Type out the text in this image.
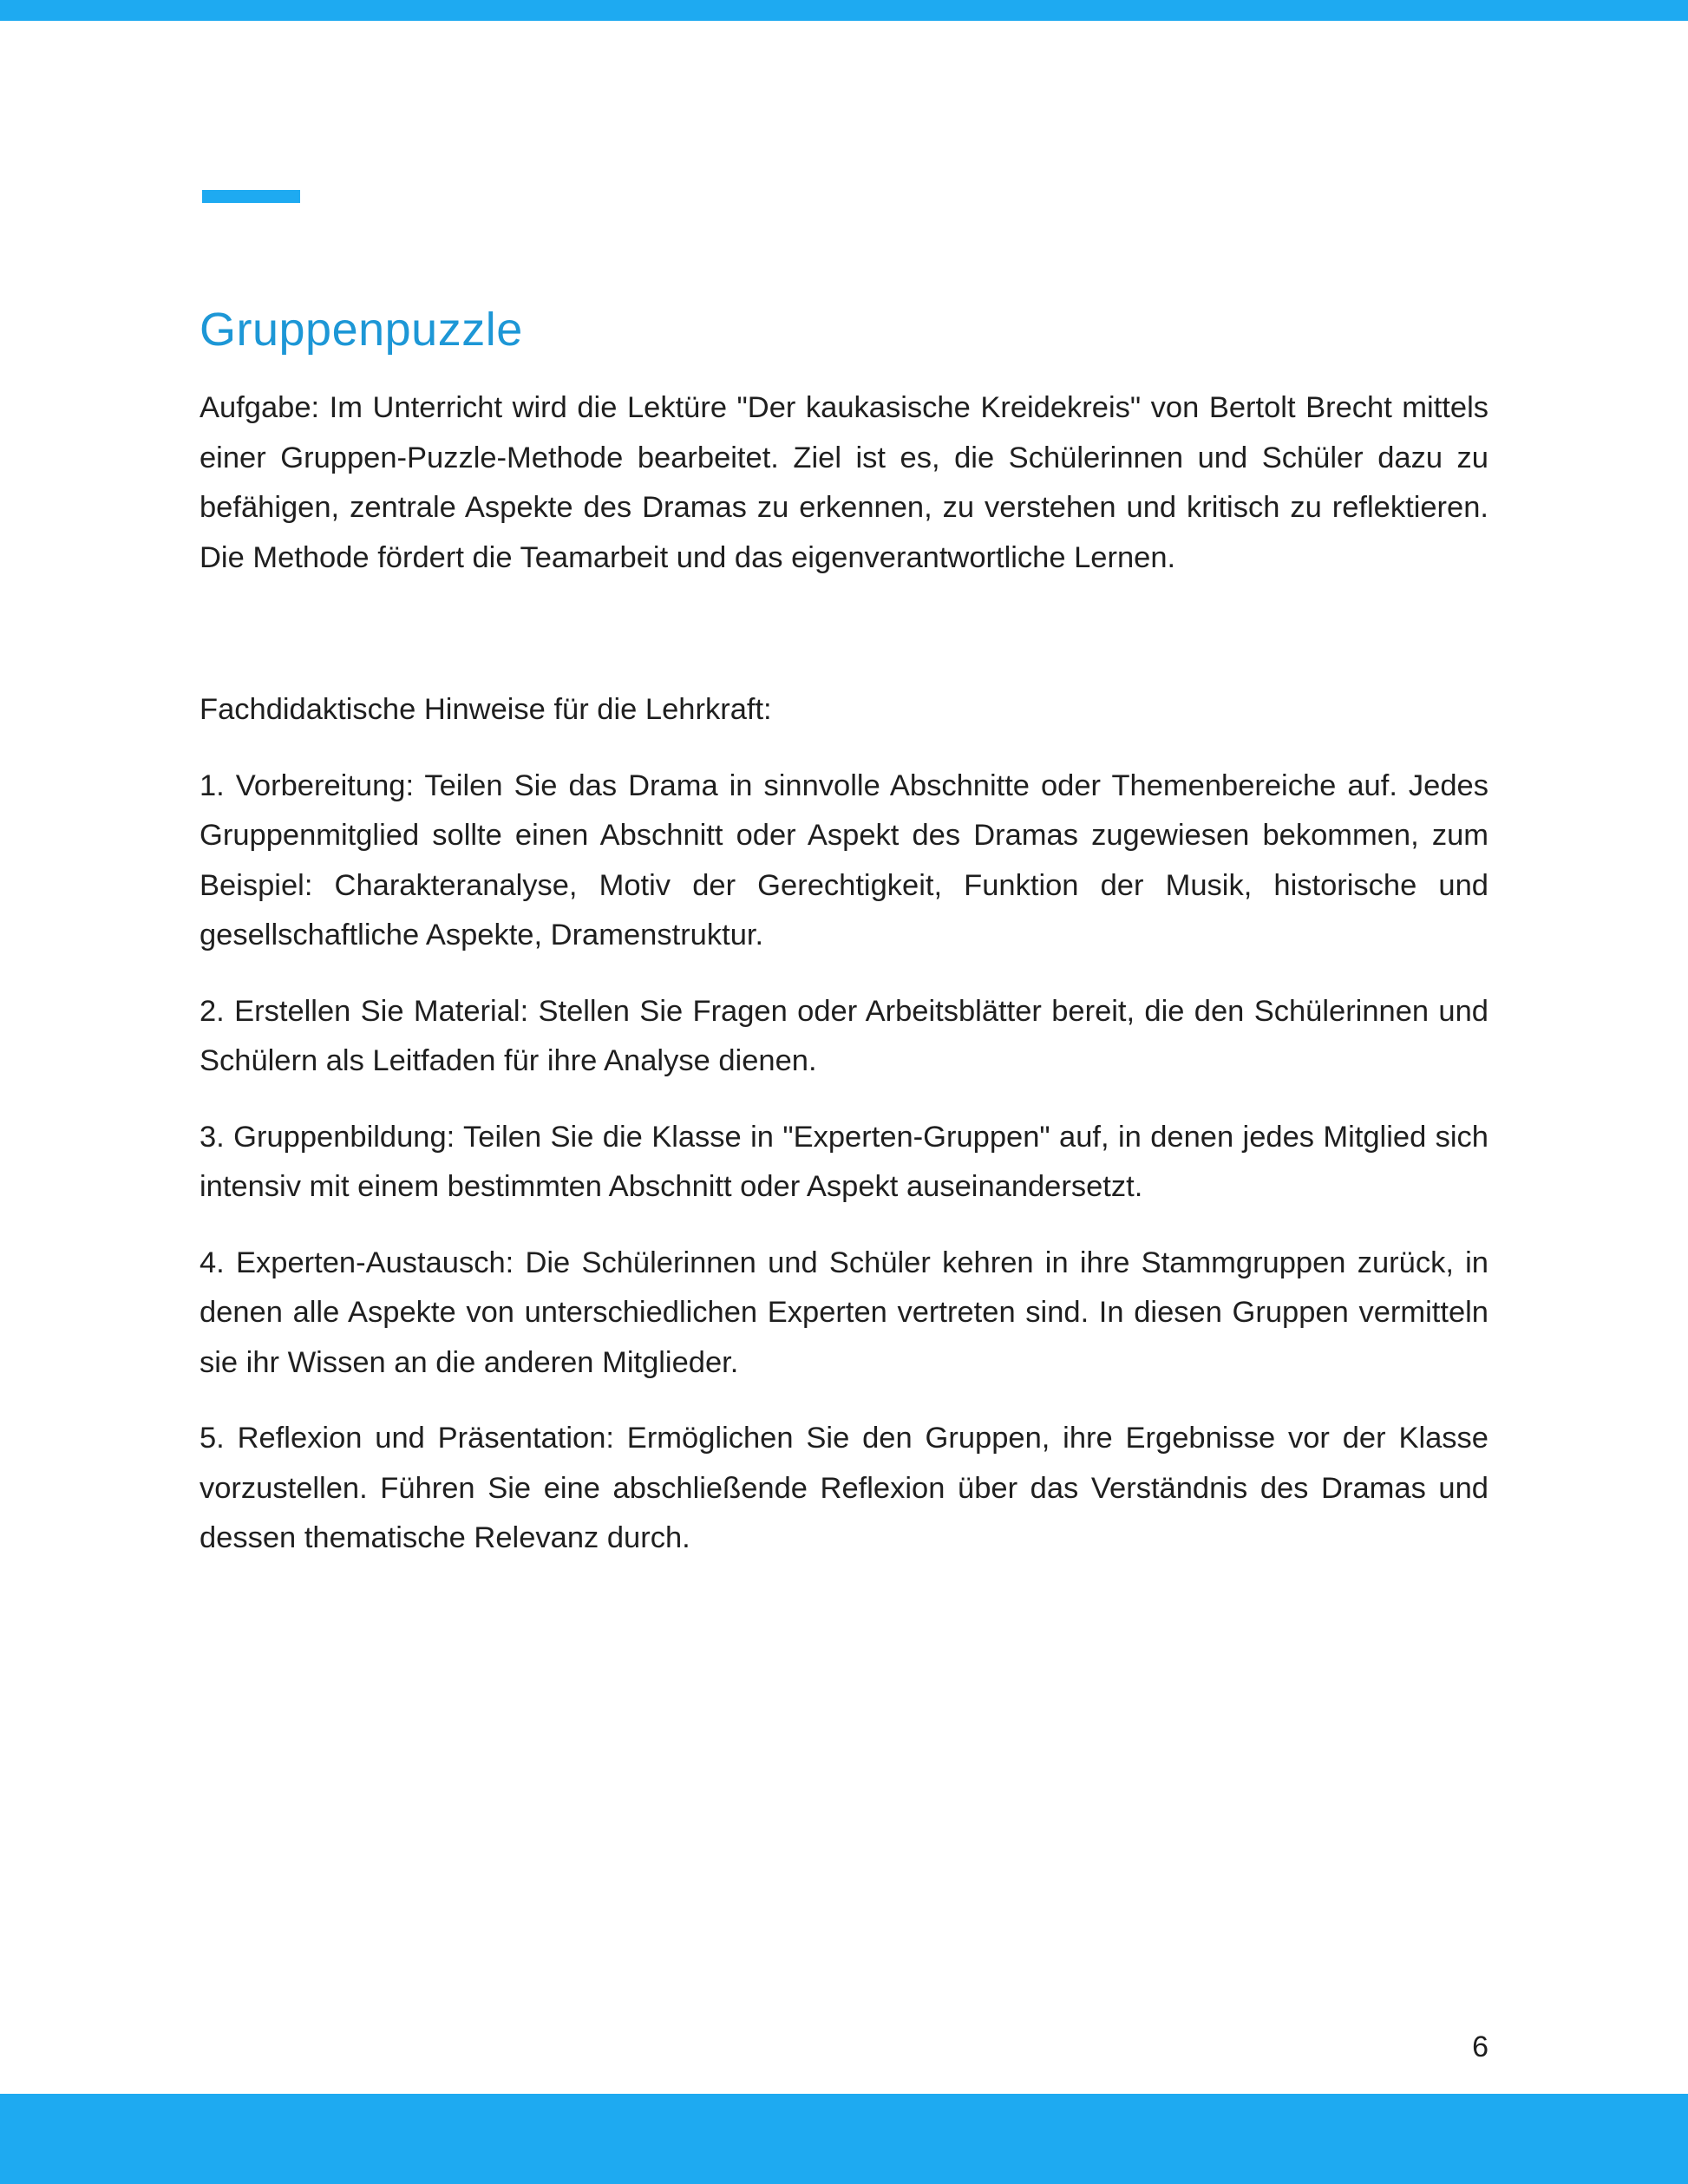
Gruppenpuzzle

Aufgabe: Im Unterricht wird die Lektüre "Der kaukasische Kreidekreis" von Bertolt Brecht mittels einer Gruppen-Puzzle-Methode bearbeitet. Ziel ist es, die Schülerinnen und Schüler dazu zu befähigen, zentrale Aspekte des Dramas zu erkennen, zu verstehen und kritisch zu reflektieren. Die Methode fördert die Teamarbeit und das eigenverantwortliche Lernen.

Fachdidaktische Hinweise für die Lehrkraft:

1. Vorbereitung: Teilen Sie das Drama in sinnvolle Abschnitte oder Themenbereiche auf. Jedes Gruppenmitglied sollte einen Abschnitt oder Aspekt des Dramas zugewiesen bekommen, zum Beispiel: Charakteranalyse, Motiv der Gerechtigkeit, Funktion der Musik, historische und gesellschaftliche Aspekte, Dramenstruktur.

2. Erstellen Sie Material: Stellen Sie Fragen oder Arbeitsblätter bereit, die den Schülerinnen und Schülern als Leitfaden für ihre Analyse dienen.

3. Gruppenbildung: Teilen Sie die Klasse in "Experten-Gruppen" auf, in denen jedes Mitglied sich intensiv mit einem bestimmten Abschnitt oder Aspekt auseinandersetzt.

4. Experten-Austausch: Die Schülerinnen und Schüler kehren in ihre Stammgruppen zurück, in denen alle Aspekte von unterschiedlichen Experten vertreten sind. In diesen Gruppen vermitteln sie ihr Wissen an die anderen Mitglieder.

5. Reflexion und Präsentation: Ermöglichen Sie den Gruppen, ihre Ergebnisse vor der Klasse vorzustellen. Führen Sie eine abschließende Reflexion über das Verständnis des Dramas und dessen thematische Relevanz durch.

6
